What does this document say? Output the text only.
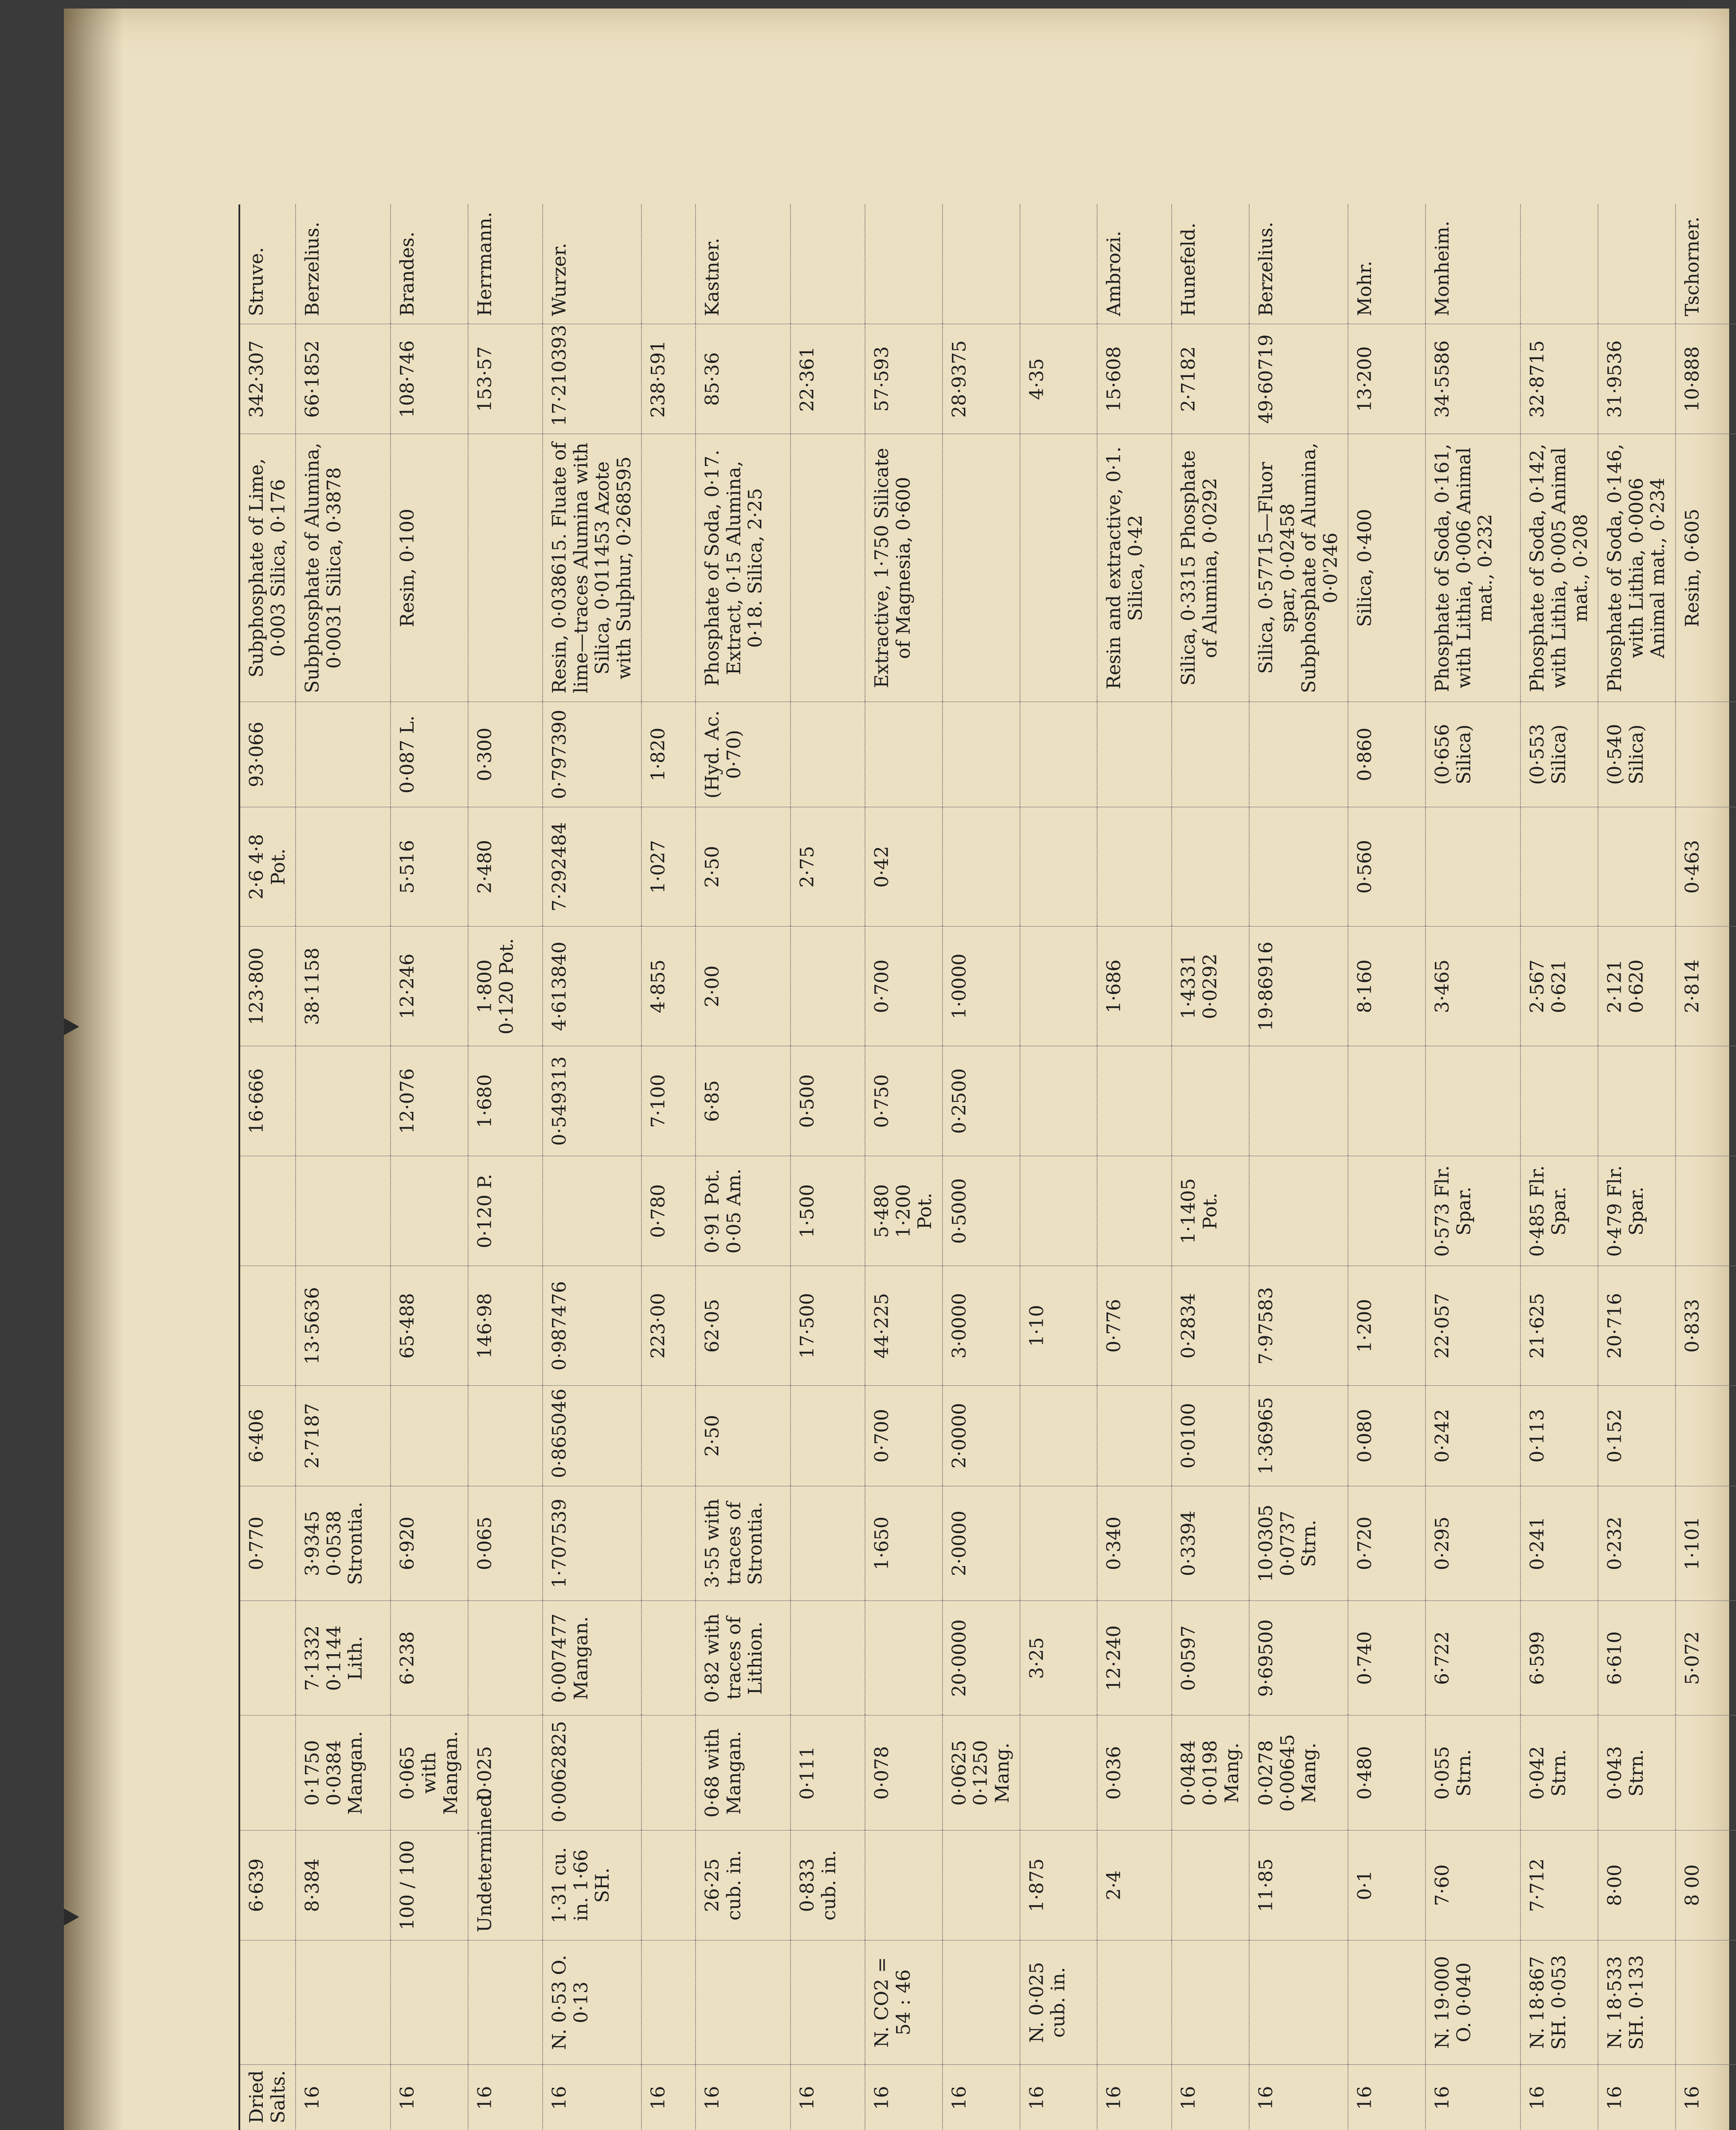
			Dried Salts.		6·639			0·770	6·406			16·666	123·800	2·6 4·8 Pot.	93·066	Subphosphate of Lime, 0·003 Silica, 0·176	342·307	Struve.
			16		8·384	0·1750 0·0384 Mangan.	7·1332 0·1144 Lith.	3·9345 0·0538 Strontia.	2·7187	13·5636			38·1158			Subphosphate of Alumina, 0·0031 Silica, 0·3878	66·1852	Berzelius.
			16		100 / 100	0·065 with Mangan.	6·238	6·920		65·488		12·076	12·246	5·516	0·087 L.	Resin, 0·100	108·746	Brandes.
			16		Undetermined.	0·025		0·065		146·98	0·120 P.	1·680	1·800 0·120 Pot.	2·480	0·300		153·57	Herrmann.
			16	N. 0·53 O. 0·13	1·31 cu. in. 1·66 SH.	0·0062825	0·007477 Mangan.	1·707539	0·865046	0·987476		0·549313	4·613840	7·292484	0·797390	Resin, 0·038615. Fluate of lime—traces Alumina with Silica, 0·011453 Azote with Sulphur, 0·268595	17·210393	Wurzer.
			16							223·00	0·780	7·100	4·855	1·027	1·820		238·591	
			16		26·25 cub. in.	0·68 with Mangan.	0·82 with traces of Lithion.	3·55 with traces of Strontia.	2·50	62·05	0·91 Pot. 0·05 Am.	6·85	2·00	2·50	(Hyd. Ac. 0·70)	Phosphate of Soda, 0·17. Extract, 0·15 Alumina, 0·18. Silica, 2·25	85·36	Kastner.
			16		0·833 cub. in.	0·111				17·500	1·500	0·500		2·75			22·361	
			16	N. CO2 = 54 : 46		0·078		1·650	0·700	44·225	5·480 1·200 Pot.	0·750	0·700	0·42		Extractive, 1·750 Silicate of Magnesia, 0·600	57·593	
			16			0·0625 0·1250 Mang.	20·0000	2·0000	2·0000	3·0000	0·5000	0·2500	1·0000				28·9375	
			16	N. 0·025 cub. in.	1·875		3·25			1·10							4·35	
			16		2·4	0·036	12·240	0·340		0·776			1·686			Resin and extractive, 0·1. Silica, 0·42	15·608	Ambrozi.
			16			0·0484 0·0198 Mang.	0·0597	0·3394	0·0100	0·2834	1·1405 Pot.		1·4331 0·0292			Silica, 0·3315 Phosphate of Alumina, 0·0292	2·7182	Hunefeld.
			16		11·85	0·0278 0·00645 Mang.	9·69500	10·0305 0·0737 Strn.	1·36965	7·97583			19·86916			Silica, 0·57715—Fluor spar, 0·02458 Subphosphate of Alumina, 0·0'246	49·60719	Berzelius.
			16		0·1	0·480	0·740	0·720	0·080	1·200			8·160	0·560	0·860	Silica, 0·400	13·200	Mohr.
			16	N. 19·000 O. 0·040	7·60	0·055 Strn.	6·722	0·295	0·242	22·057	0·573 Flr. Spar.		3·465		(0·656 Silica)	Phosphate of Soda, 0·161, with Lithia, 0·006 Animal mat., 0·232	34·5586	Monheim.
			16	N. 18·867 SH. 0·053	7·712	0·042 Strn.	6·599	0·241	0·113	21·625	0·485 Flr. Spar.		2·567 0·621		(0·553 Silica)	Phosphate of Soda, 0·142, with Lithia, 0·005 Animal mat., 0·208	32·8715	
			16	N. 18·533 SH. 0·133	8·00	0·043 Strn.	6·610	0·232	0·152	20·716	0·479 Flr. Spar.		2·121 0·620		(0·540 Silica)	Phosphate of Soda, 0·146, with Lithia, 0·0006 Animal mat., 0·234	31·9536	
			16		8 00		5·072	1·101		0·833			2·814	0·463		Resin, 0·605	10·888	Tschorner.
